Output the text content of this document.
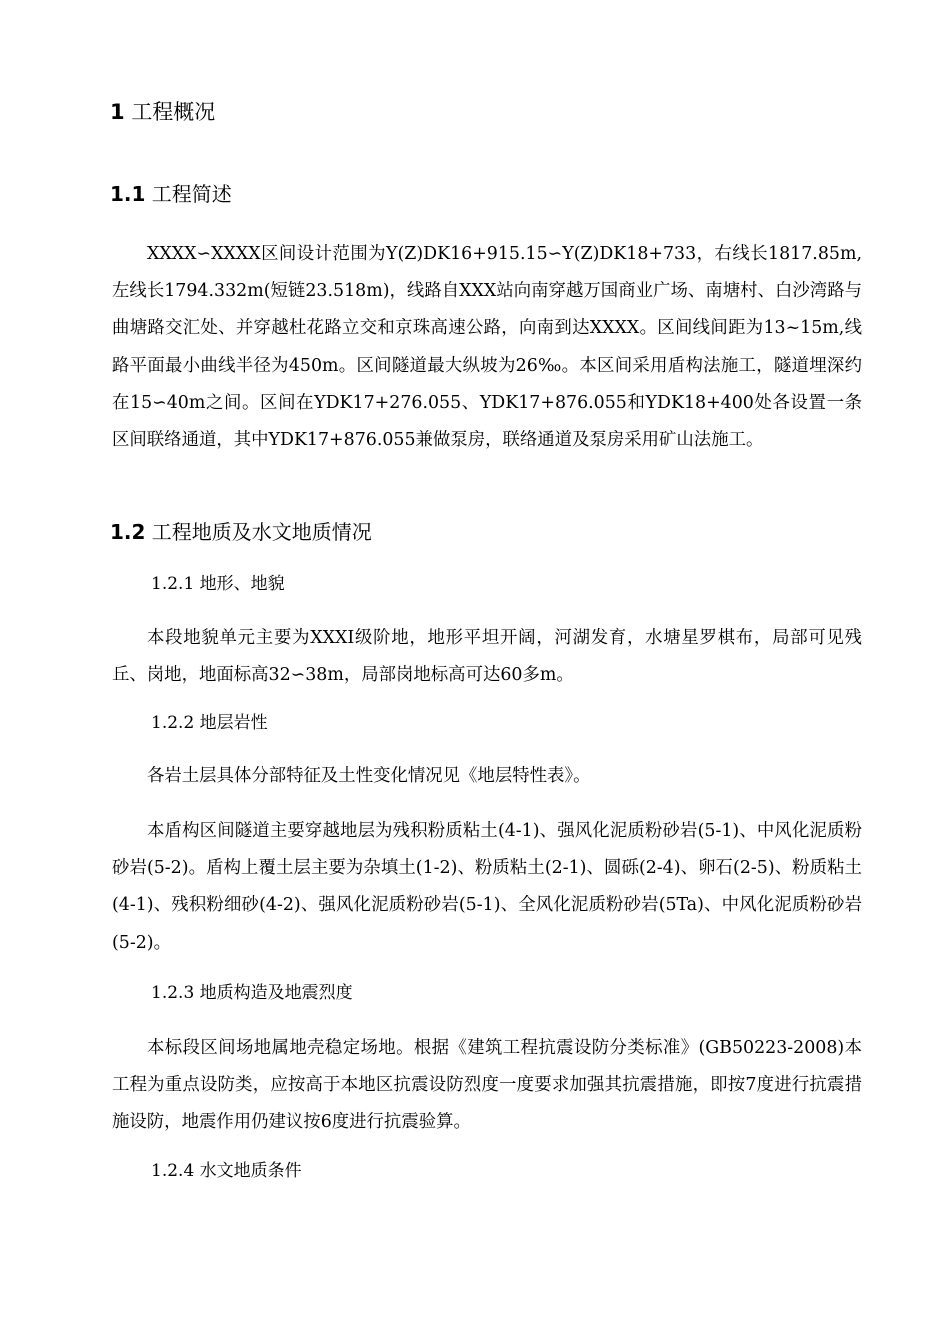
1 工程概况
1.1 工程简述

XXXX∽XXXX区间设计范围为Y(Z)DK16+915.15∽Y(Z)DK18+733，右线长1817.85m,左线长1794.332m(短链23.518m)，线路自XXX站向南穿越万国商业广场、南塘村、白沙湾路与曲塘路交汇处、并穿越杜花路立交和京珠高速公路，向南到达XXXX。区间线间距为13~15m,线路平面最小曲线半径为450m。区间隧道最大纵坡为26‰。本区间采用盾构法施工，隧道埋深约在15∽40m之间。区间在YDK17+276.055、YDK17+876.055和YDK18+400处各设置一条区间联络通道，其中YDK17+876.055兼做泵房，联络通道及泵房采用矿山法施工。

1.2 工程地质及水文地质情况
1.2.1 地形、地貌

本段地貌单元主要为XXXI级阶地，地形平坦开阔，河湖发育，水塘星罗棋布，局部可见残丘、岗地，地面标高32∽38m，局部岗地标高可达60多m。

1.2.2 地层岩性

各岩土层具体分部特征及土性变化情况见《地层特性表》。

本盾构区间隧道主要穿越地层为残积粉质粘土(4-1)、强风化泥质粉砂岩(5-1)、中风化泥质粉砂岩(5-2)。盾构上覆土层主要为杂填土(1-2)、粉质粘土(2-1)、圆砾(2-4)、卵石(2-5)、粉质粘土(4-1)、残积粉细砂(4-2)、强风化泥质粉砂岩(5-1)、全风化泥质粉砂岩(5Ta)、中风化泥质粉砂岩(5-2)。

1.2.3 地质构造及地震烈度

本标段区间场地属地壳稳定场地。根据《建筑工程抗震设防分类标准》(GB50223-2008)本工程为重点设防类，应按高于本地区抗震设防烈度一度要求加强其抗震措施，即按7度进行抗震措施设防，地震作用仍建议按6度进行抗震验算。

1.2.4 水文地质条件
